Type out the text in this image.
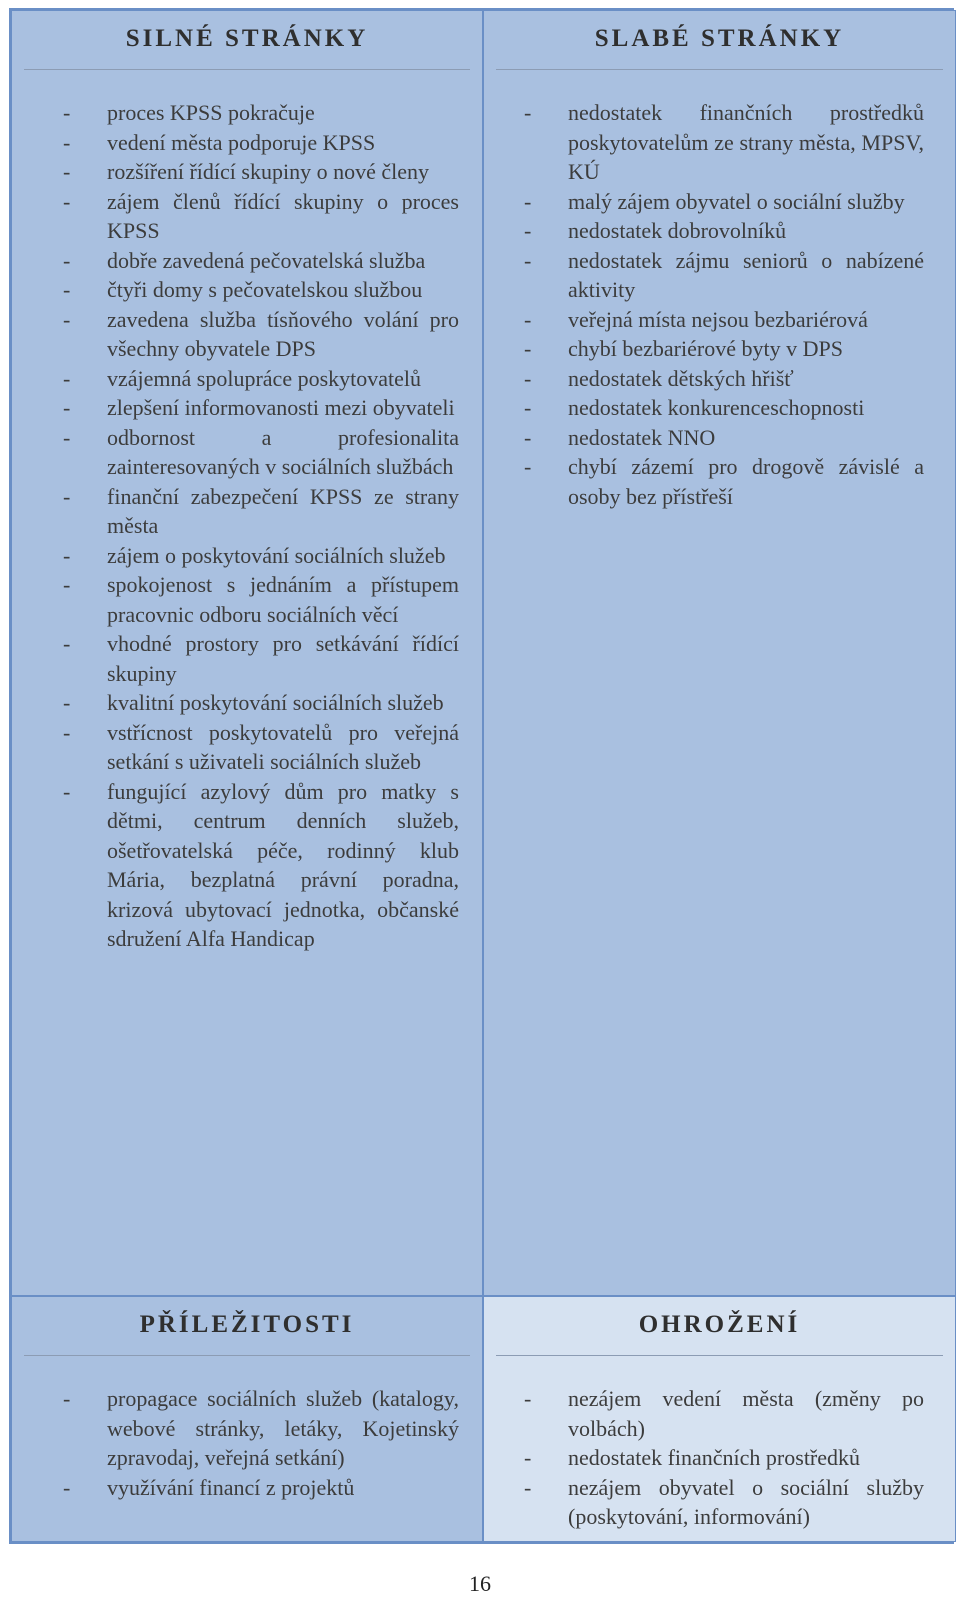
SILNÉ STRÁNKY
- proces KPSS pokračuje
- vedení města podporuje KPSS
- rozšíření řídící skupiny o nové členy
- zájem členů řídící skupiny o proces KPSS
- dobře zavedená pečovatelská služba
- čtyři domy s pečovatelskou službou
- zavedena služba tísňového volání pro všechny obyvatele DPS
- vzájemná spolupráce poskytovatelů
- zlepšení informovanosti mezi obyvateli
- odbornost a profesionalita zainteresovaných v sociálních službách
- finanční zabezpečení KPSS ze strany města
- zájem o poskytování sociálních služeb
- spokojenost s jednáním a přístupem pracovnic odboru sociálních věcí
- vhodné prostory pro setkávání řídící skupiny
- kvalitní poskytování sociálních služeb
- vstřícnost poskytovatelů pro veřejná setkání s uživateli sociálních služeb
- fungující azylový dům pro matky s dětmi, centrum denních služeb, ošetřovatelská péče, rodinný klub Mária, bezplatná právní poradna, krizová ubytovací jednotka, občanské sdružení Alfa Handicap
SLABÉ STRÁNKY
- nedostatek finančních prostředků poskytovatelům ze strany města, MPSV, KÚ
- malý zájem obyvatel o sociální služby
- nedostatek dobrovolníků
- nedostatek zájmu seniorů o nabízené aktivity
- veřejná místa nejsou bezbariérová
- chybí bezbariérové byty v DPS
- nedostatek dětských hřišť
- nedostatek konkurenceschopnosti
- nedostatek NNO
- chybí zázemí pro drogově závislé a osoby bez přístřeší
PŘÍLEŽITOSTI
- propagace sociálních služeb (katalogy, webové stránky, letáky, Kojetinský zpravodaj, veřejná setkání)
- využívání financí z projektů
OHROŽENÍ
- nezájem vedení města (změny po volbách)
- nedostatek finančních prostředků
- nezájem obyvatel o sociální služby (poskytování, informování)
16
